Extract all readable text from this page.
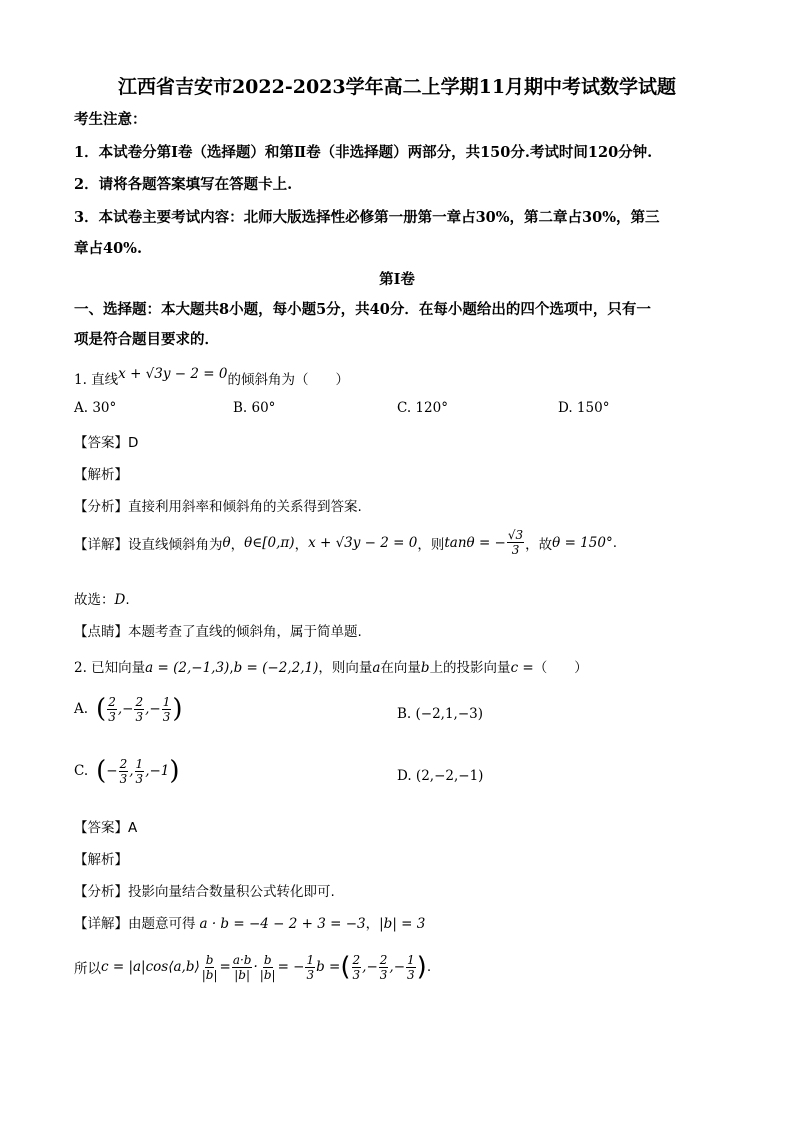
江西省吉安市2022-2023学年高二上学期11月期中考试数学试题
考生注意：
1．本试卷分第Ⅰ卷（选择题）和第Ⅱ卷（非选择题）两部分，共150分.考试时间120分钟.
2．请将各题答案填写在答题卡上.
3．本试卷主要考试内容：北师大版选择性必修第一册第一章占30%，第二章占30%，第三
章占40%.
第Ⅰ卷
一、选择题：本大题共8小题，每小题5分，共40分．在每小题给出的四个选项中，只有一
项是符合题目要求的．
1. 直线x + √3y − 2 = 0的倾斜角为（　　）
A. 30°	B. 60°	C. 120°	D. 150°
【答案】D
【解析】
【分析】直接利用斜率和倾斜角的关系得到答案.
【详解】 设直线倾斜角为 θ ， θ∈[0,π) ， x + √3y − 2 = 0 ，则 tanθ = − $\frac{√3}{3}$ ，故 θ = 150° .
故选：D.
【点睛】本题考查了直线的倾斜角，属于简单题.
2. 已知向量a = (2,−1,3),b = (−2,2,1)，则向量a在向量b上的投影向量c =（　　）
A. ( $\frac{2}{3}$ ,− $\frac{2}{3}$ ,− $\frac{1}{3}$ )	B. (−2,1,−3)
C. ( − $\frac{2}{3}$ , $\frac{1}{3}$ , −1 )	D. (2,−2,−1)
【答案】A
【解析】
【分析】投影向量结合数量积公式转化即可.
【详解】由题意可得 a · b = −4 − 2 + 3 = −3，|b| = 3
所以 c = |a|cos⟨a,b⟩ $\frac{b}{|b|} = \frac{a\cdot b}{|b|} \cdot \frac{b}{|b|}$ = − $\frac{1}{3}$ b = ( $\frac{2}{3}$ ,− $\frac{2}{3}$ ,− $\frac{1}{3}$ ) .
